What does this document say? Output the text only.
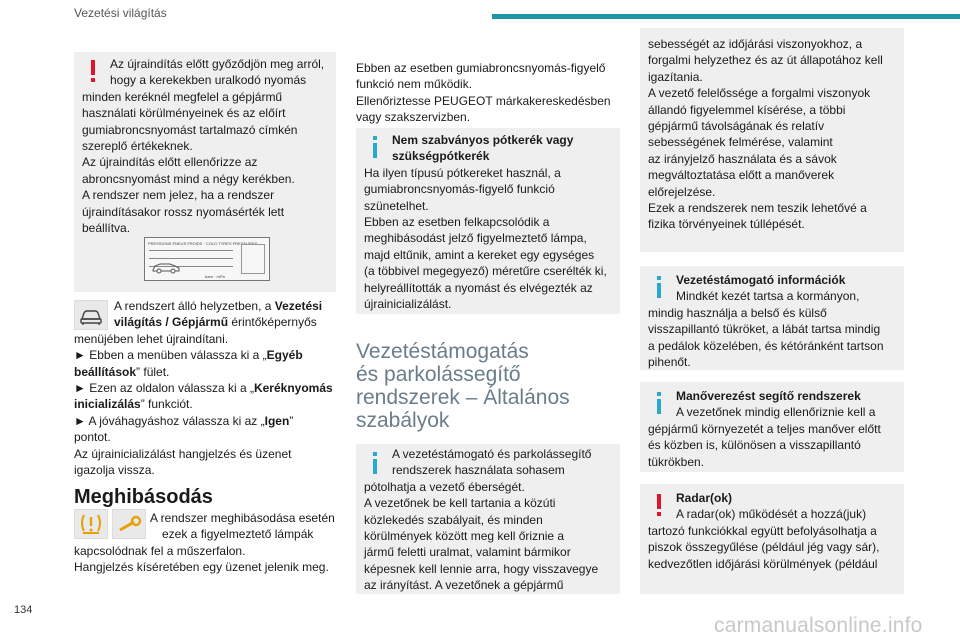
Vezetési világítás
Az újraindítás előtt győződjön meg arról,
hogy a kerekekben uralkodó nyomás
minden keréknél megfelel a gépjármű
használati körülményeinek és az előírt
gumiabroncsnyomást tartalmazó címkén
szereplő értékeknek.
Az újraindítás előtt ellenőrizze az
abroncsnyomást mind a négy kerékben.
A rendszer nem jelez, ha a rendszer
újraindításakor rossz nyomásérték lett
beállítva.
PRESSIONS PNEUS FROIDS · COLD TYRES PRESSURES
bare · mPa
A rendszert álló helyzetben, a Vezetési
világítás / Gépjármű érintőképernyős
menüjében lehet újraindítani.
► Ebben a menüben válassza ki a „Egyéb
beállítások” fület.
► Ezen az oldalon válassza ki a „Keréknyomás
inicializálás” funkciót.
► A jóváhagyáshoz válassza ki az „Igen”
pontot.
Az újrainicializálást hangjelzés és üzenet
igazolja vissza.
Meghibásodás
A rendszer meghibásodása esetén
ezek a figyelmeztető lámpák
kapcsolódnak fel a műszerfalon.
Hangjelzés kíséretében egy üzenet jelenik meg.
Ebben az esetben gumiabroncsnyomás-figyelő
funkció nem működik.
Ellenőriztesse PEUGEOT márkakereskedésben
vagy szakszervizben.
Nem szabványos pótkerék vagy
szükségpótkerék
Ha ilyen típusú pótkereket használ, a
gumiabroncsnyomás-figyelő funkció
szünetelhet.
Ebben az esetben felkapcsolódik a
meghibásodást jelző figyelmeztető lámpa,
majd eltűnik, amint a kereket egy egységes
(a többivel megegyező) méretűre cserélték ki,
helyreállították a nyomást és elvégezték az
újrainicializálást.
Vezetéstámogatás
és parkolássegítő
rendszerek – Általános
szabályok
A vezetéstámogató és parkolássegítő
rendszerek használata sohasem
pótolhatja a vezető éberségét.
A vezetőnek be kell tartania a közúti
közlekedés szabályait, és minden
körülmények között meg kell őriznie a
jármű feletti uralmat, valamint bármikor
képesnek kell lennie arra, hogy visszavegye
az irányítást. A vezetőnek a gépjármű
sebességét az időjárási viszonyokhoz, a
forgalmi helyzethez és az út állapotához kell
igazítania.
A vezető felelőssége a forgalmi viszonyok
állandó figyelemmel kísérése, a többi
gépjármű távolságának és relatív
sebességének felmérése, valamint
az irányjelző használata és a sávok
megváltoztatása előtt a manőverek
előrejelzése.
Ezek a rendszerek nem teszik lehetővé a
fizika törvényeinek túllépését.
Vezetéstámogató információk
Mindkét kezét tartsa a kormányon,
mindig használja a belső és külső
visszapillantó tükröket, a lábát tartsa mindig
a pedálok közelében, és kétóránként tartson
pihenőt.
Manőverezést segítő rendszerek
A vezetőnek mindig ellenőriznie kell a
gépjármű környezetét a teljes manőver előtt
és közben is, különösen a visszapillantó
tükrökben.
Radar(ok)
A radar(ok) működését a hozzá(juk)
tartozó funkciókkal együtt befolyásolhatja a
piszok összegyűlése (például jég vagy sár),
kedvezőtlen időjárási körülmények (például
134
carmanualsonline.info
